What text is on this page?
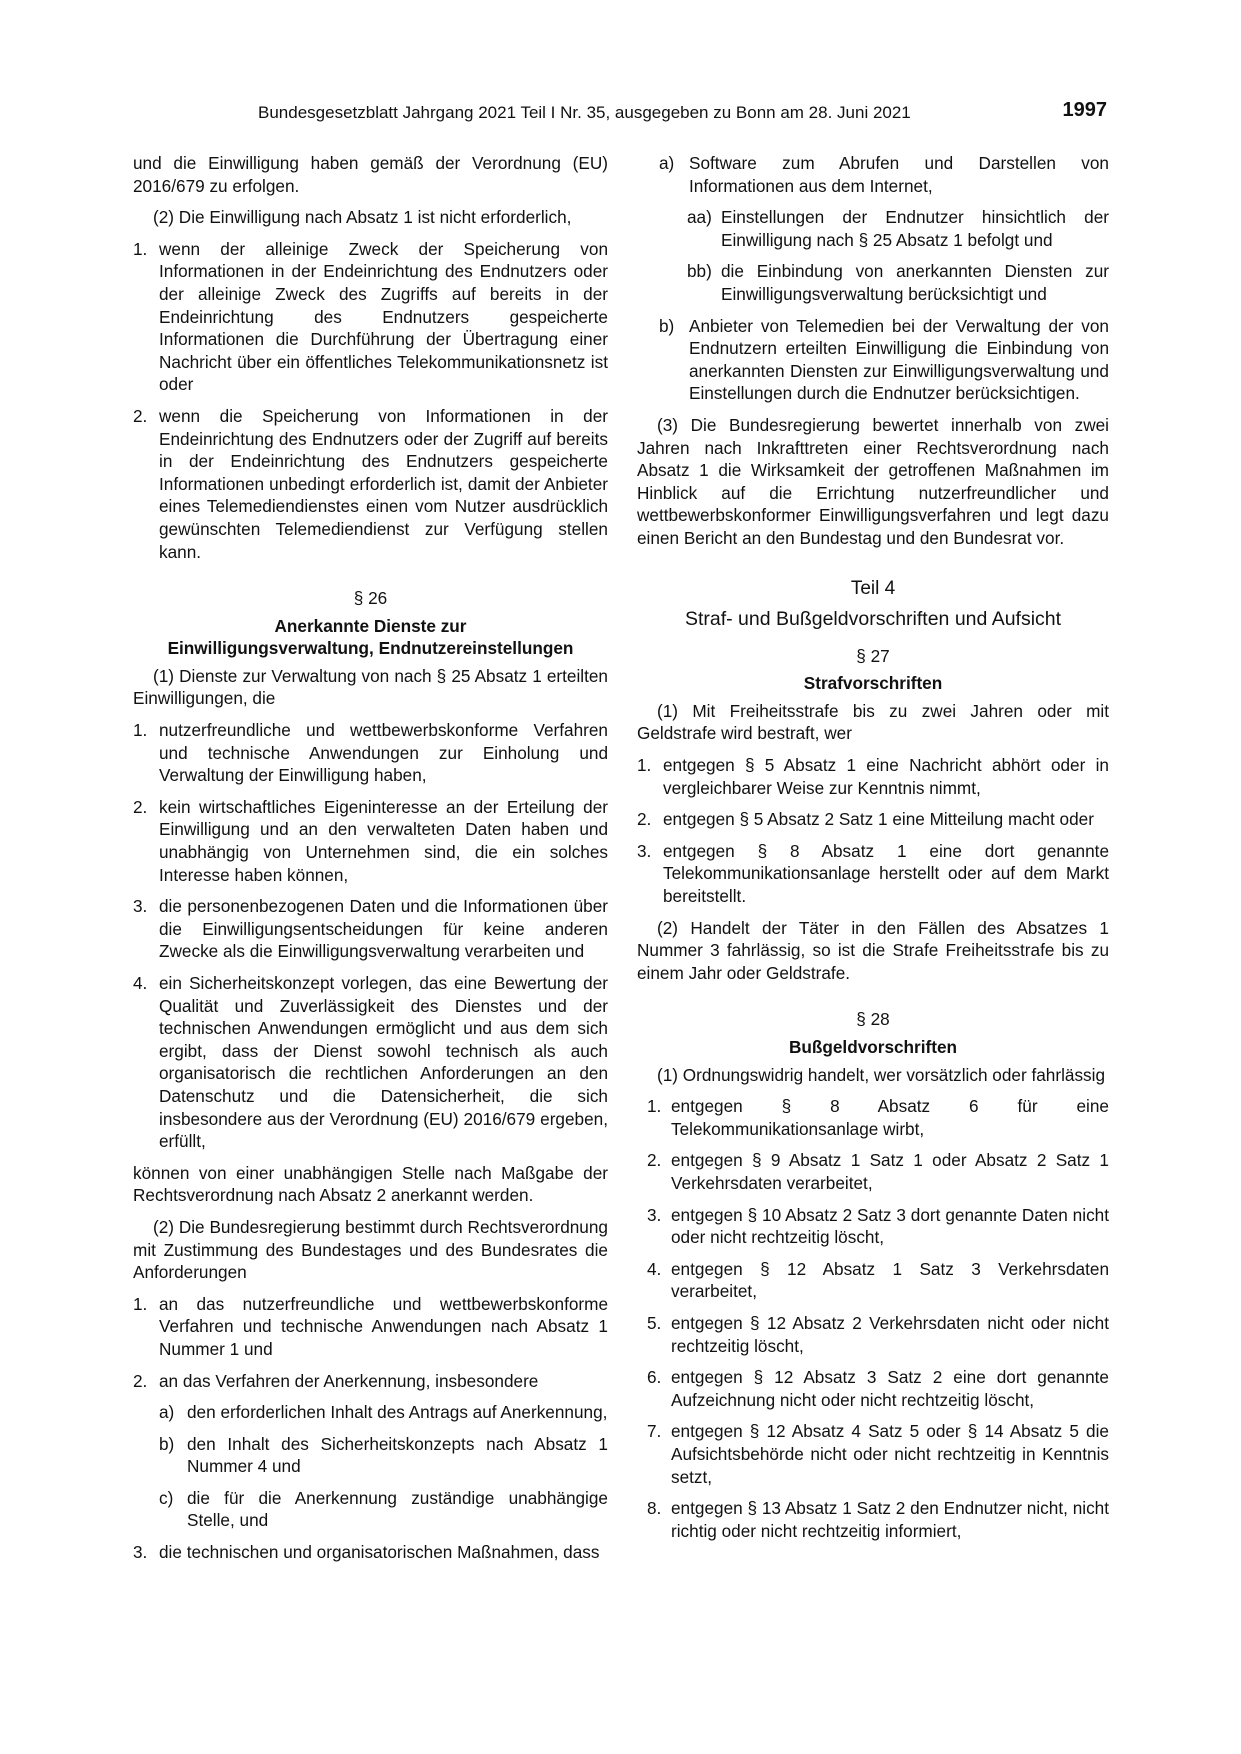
Bundesgesetzblatt Jahrgang 2021 Teil I Nr. 35, ausgegeben zu Bonn am 28. Juni 2021	1997

und die Einwilligung haben gemäß der Verordnung (EU) 2016/679 zu erfolgen.

(2) Die Einwilligung nach Absatz 1 ist nicht erforderlich,

1. wenn der alleinige Zweck der Speicherung von Informationen in der Endeinrichtung des Endnutzers oder der alleinige Zweck des Zugriffs auf bereits in der Endeinrichtung des Endnutzers gespeicherte Informationen die Durchführung der Übertragung einer Nachricht über ein öffentliches Telekommunikationsnetz ist oder
2. wenn die Speicherung von Informationen in der Endeinrichtung des Endnutzers oder der Zugriff auf bereits in der Endeinrichtung des Endnutzers gespeicherte Informationen unbedingt erforderlich ist, damit der Anbieter eines Telemediendienstes einen vom Nutzer ausdrücklich gewünschten Telemediendienst zur Verfügung stellen kann.
§ 26
Anerkannte Dienste zur
Einwilligungsverwaltung, Endnutzereinstellungen

(1) Dienste zur Verwaltung von nach § 25 Absatz 1 erteilten Einwilligungen, die

1. nutzerfreundliche und wettbewerbskonforme Verfahren und technische Anwendungen zur Einholung und Verwaltung der Einwilligung haben,
2. kein wirtschaftliches Eigeninteresse an der Erteilung der Einwilligung und an den verwalteten Daten haben und unabhängig von Unternehmen sind, die ein solches Interesse haben können,
3. die personenbezogenen Daten und die Informationen über die Einwilligungsentscheidungen für keine anderen Zwecke als die Einwilligungsverwaltung verarbeiten und
4. ein Sicherheitskonzept vorlegen, das eine Bewertung der Qualität und Zuverlässigkeit des Dienstes und der technischen Anwendungen ermöglicht und aus dem sich ergibt, dass der Dienst sowohl technisch als auch organisatorisch die rechtlichen Anforderungen an den Datenschutz und die Datensicherheit, die sich insbesondere aus der Verordnung (EU) 2016/679 ergeben, erfüllt,

können von einer unabhängigen Stelle nach Maßgabe der Rechtsverordnung nach Absatz 2 anerkannt werden.

(2) Die Bundesregierung bestimmt durch Rechtsverordnung mit Zustimmung des Bundestages und des Bundesrates die Anforderungen

1. an das nutzerfreundliche und wettbewerbskonforme Verfahren und technische Anwendungen nach Absatz 1 Nummer 1 und
2. an das Verfahren der Anerkennung, insbesondere
a) den erforderlichen Inhalt des Antrags auf Anerkennung,
b) den Inhalt des Sicherheitskonzepts nach Absatz 1 Nummer 4 und
c) die für die Anerkennung zuständige unabhängige Stelle, und
3. die technischen und organisatorischen Maßnahmen, dass
a) Software zum Abrufen und Darstellen von Informationen aus dem Internet,
aa) Einstellungen der Endnutzer hinsichtlich der Einwilligung nach § 25 Absatz 1 befolgt und
bb) die Einbindung von anerkannten Diensten zur Einwilligungsverwaltung berücksichtigt und
b) Anbieter von Telemedien bei der Verwaltung der von Endnutzern erteilten Einwilligung die Einbindung von anerkannten Diensten zur Einwilligungsverwaltung und Einstellungen durch die Endnutzer berücksichtigen.

(3) Die Bundesregierung bewertet innerhalb von zwei Jahren nach Inkrafttreten einer Rechtsverordnung nach Absatz 1 die Wirksamkeit der getroffenen Maßnahmen im Hinblick auf die Errichtung nutzerfreundlicher und wettbewerbskonformer Einwilligungsverfahren und legt dazu einen Bericht an den Bundestag und den Bundesrat vor.

Teil 4
Straf- und Bußgeldvorschriften und Aufsicht
§ 27
Strafvorschriften

(1) Mit Freiheitsstrafe bis zu zwei Jahren oder mit Geldstrafe wird bestraft, wer

1. entgegen § 5 Absatz 1 eine Nachricht abhört oder in vergleichbarer Weise zur Kenntnis nimmt,
2. entgegen § 5 Absatz 2 Satz 1 eine Mitteilung macht oder
3. entgegen § 8 Absatz 1 eine dort genannte Telekommunikationsanlage herstellt oder auf dem Markt bereitstellt.

(2) Handelt der Täter in den Fällen des Absatzes 1 Nummer 3 fahrlässig, so ist die Strafe Freiheitsstrafe bis zu einem Jahr oder Geldstrafe.

§ 28
Bußgeldvorschriften

(1) Ordnungswidrig handelt, wer vorsätzlich oder fahrlässig

1. entgegen § 8 Absatz 6 für eine Telekommunikationsanlage wirbt,
2. entgegen § 9 Absatz 1 Satz 1 oder Absatz 2 Satz 1 Verkehrsdaten verarbeitet,
3. entgegen § 10 Absatz 2 Satz 3 dort genannte Daten nicht oder nicht rechtzeitig löscht,
4. entgegen § 12 Absatz 1 Satz 3 Verkehrsdaten verarbeitet,
5. entgegen § 12 Absatz 2 Verkehrsdaten nicht oder nicht rechtzeitig löscht,
6. entgegen § 12 Absatz 3 Satz 2 eine dort genannte Aufzeichnung nicht oder nicht rechtzeitig löscht,
7. entgegen § 12 Absatz 4 Satz 5 oder § 14 Absatz 5 die Aufsichtsbehörde nicht oder nicht rechtzeitig in Kenntnis setzt,
8. entgegen § 13 Absatz 1 Satz 2 den Endnutzer nicht, nicht richtig oder nicht rechtzeitig informiert,
